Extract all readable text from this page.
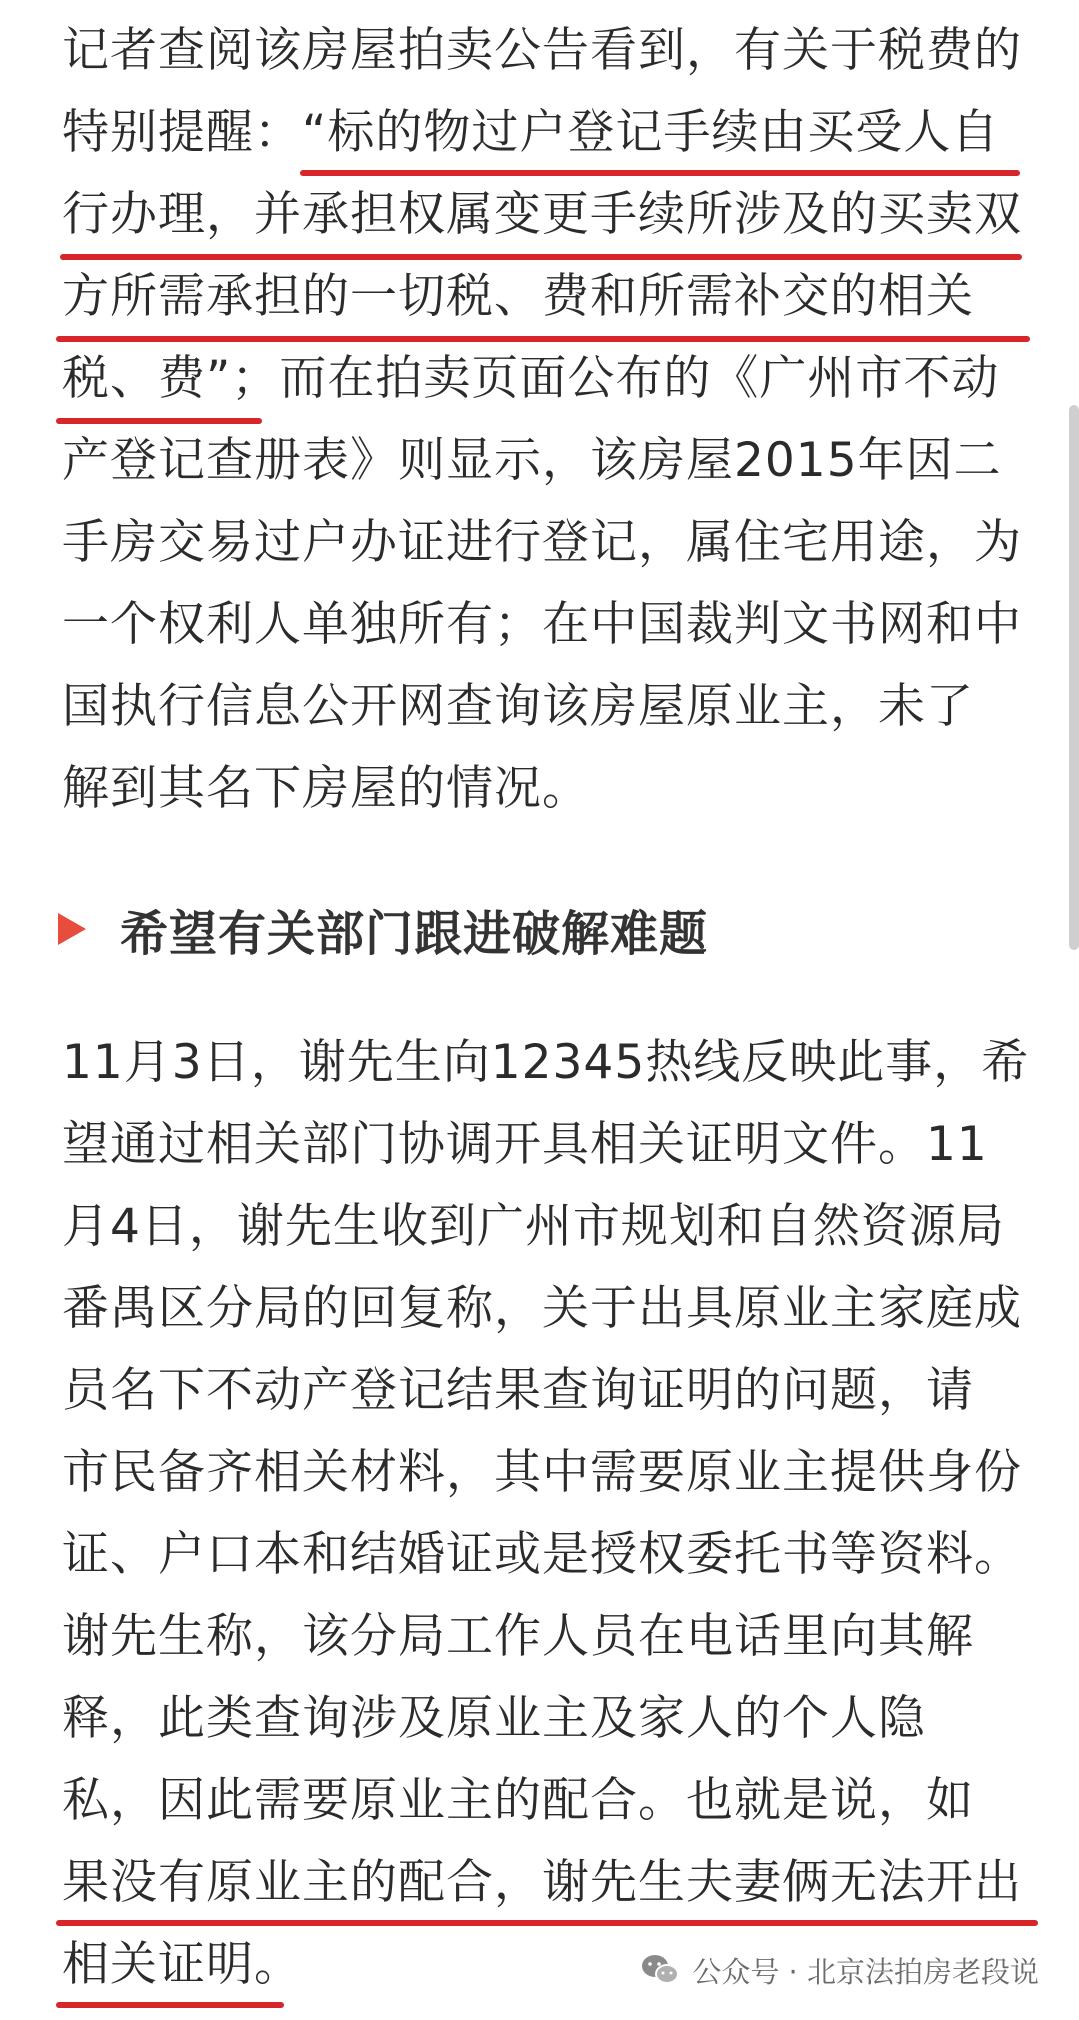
记者查阅该房屋拍卖公告看到，有关于税费的
特别提醒：“标的物过户登记手续由买受人自
行办理，并承担权属变更手续所涉及的买卖双
方所需承担的一切税、费和所需补交的相关
税、费”；而在拍卖页面公布的《广州市不动
产登记查册表》则显示，该房屋2015年因二
手房交易过户办证进行登记，属住宅用途，为
一个权利人单独所有；在中国裁判文书网和中
国执行信息公开网查询该房屋原业主，未了
解到其名下房屋的情况。
希望有关部门跟进破解难题
11月3日，谢先生向12345热线反映此事，希
望通过相关部门协调开具相关证明文件。11
月4日，谢先生收到广州市规划和自然资源局
番禺区分局的回复称，关于出具原业主家庭成
员名下不动产登记结果查询证明的问题，请
市民备齐相关材料，其中需要原业主提供身份
证、户口本和结婚证或是授权委托书等资料。
谢先生称，该分局工作人员在电话里向其解
释，此类查询涉及原业主及家人的个人隐
私，因此需要原业主的配合。也就是说，如
果没有原业主的配合，谢先生夫妻俩无法开出
相关证明。	公众号 · 北京法拍房老段说
